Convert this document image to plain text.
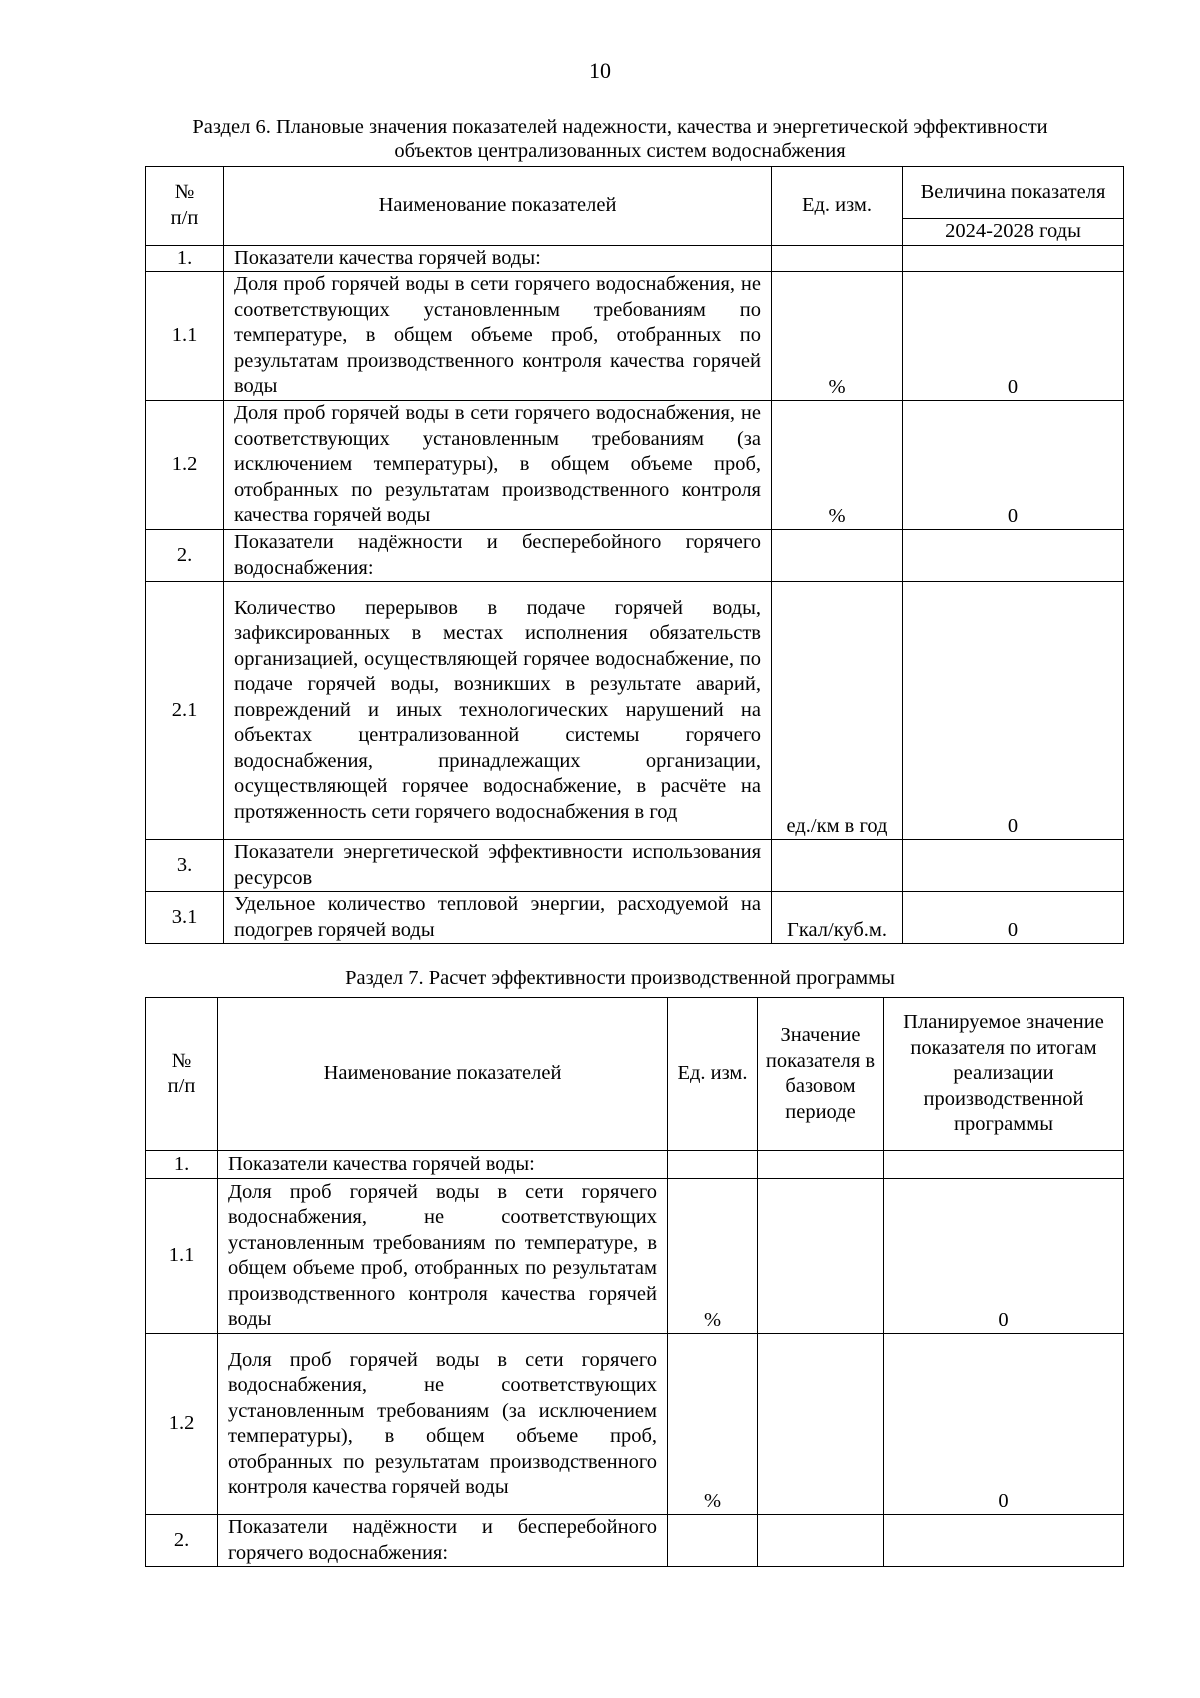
10
Раздел 6. Плановые значения показателей надежности, качества и энергетической эффективности
объектов централизованных систем водоснабжения
№
п/п	Наименование показателей	Ед. изм.	Величина показателя
			2024-2028 годы
1.	Показатели качества горячей воды:		
1.1	Доля проб горячей воды в сети горячего водоснабжения, не соответствующих установленным требованиям по температуре, в общем объеме проб, отобранных по результатам производственного контроля качества горячей воды	%	0
1.2	Доля проб горячей воды в сети горячего водоснабжения, не соответствующих установленным требованиям (за исключением температуры), в общем объеме проб, отобранных по результатам производственного контроля качества горячей воды	%	0
2.	Показатели надёжности и бесперебойного горячего водоснабжения:		
2.1	Количество перерывов в подаче горячей воды, зафиксированных в местах исполнения обязательств организацией, осуществляющей горячее водоснабжение, по подаче горячей воды, возникших в результате аварий, повреждений и иных технологических нарушений на объектах централизованной системы горячего водоснабжения, принадлежащих организации, осуществляющей горячее водоснабжение, в расчёте на протяженность сети горячего водоснабжения в год	ед./км в год	0
3.	Показатели энергетической эффективности использования ресурсов		
3.1	Удельное количество тепловой энергии, расходуемой на подогрев горячей воды	Гкал/куб.м.	0
Раздел 7. Расчет эффективности производственной программы
№
п/п	Наименование показателей	Ед. изм.	Значение показателя в базовом периоде	Планируемое значение показателя по итогам реализации производственной программы
1.	Показатели качества горячей воды:			
1.1	Доля проб горячей воды в сети горячего водоснабжения, не соответствующих установленным требованиям по температуре, в общем объеме проб, отобранных по результатам производственного контроля качества горячей воды	%		0
1.2	Доля проб горячей воды в сети горячего водоснабжения, не соответствующих установленным требованиям (за исключением температуры), в общем объеме проб, отобранных по результатам производственного контроля качества горячей воды	%		0
2.	Показатели надёжности и бесперебойного горячего водоснабжения:			
